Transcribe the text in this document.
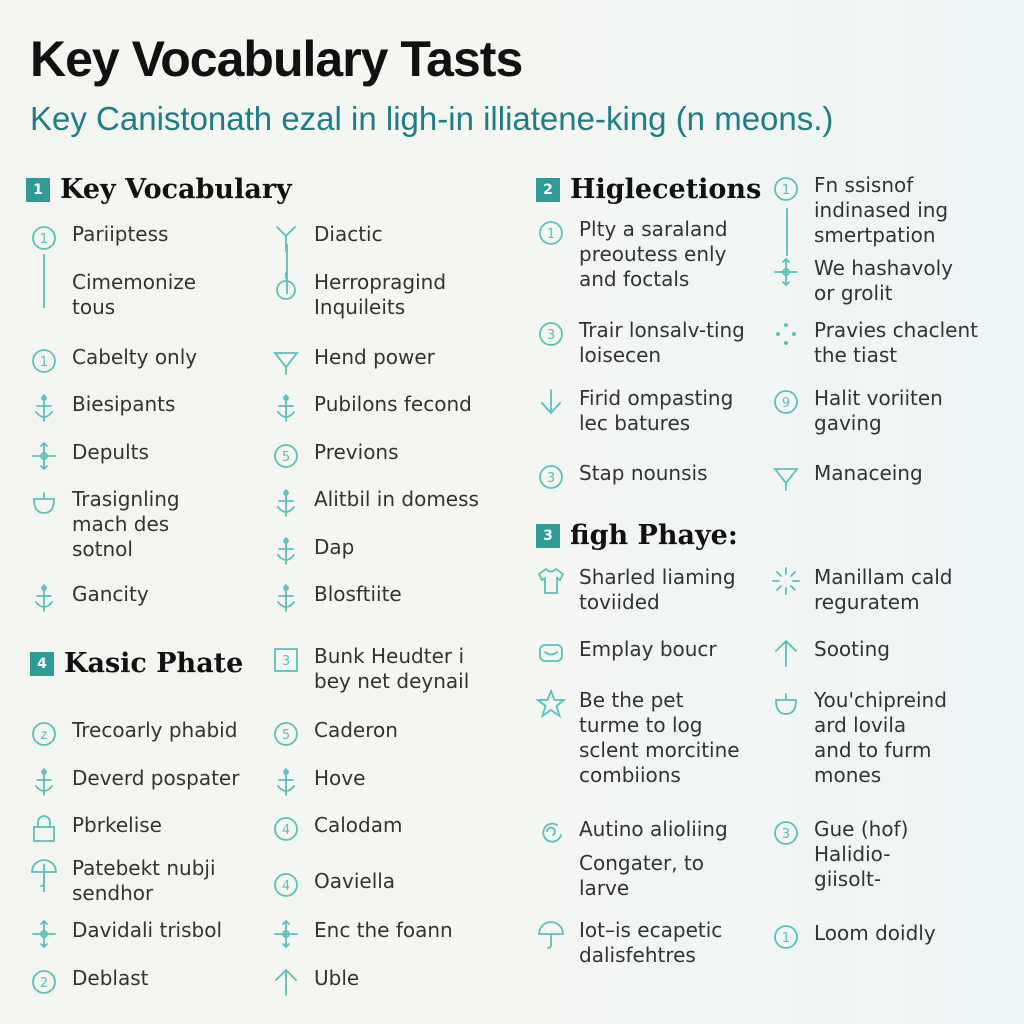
Key Vocabulary Tasts
Key Canistonath ezal in ligh-in illiatene-king (n meons.)
1 Key Vocabulary	2 Higlecetions
3 figh Phaye:
4 Kasic Phate
1 Pariiptess
Cimemonize
tous
1 Cabelty only
Biesipants
Depults
Trasignling
mach des
sotnol
Gancity
Diactic
Herropragind
Inquileits
Hend power
Pubilons fecond
5 Previons
Alitbil in domess
Dap
Blosftiite
3 Bunk Heudter i
bey net deynail
z Trecoarly phabid
Deverd pospater
Pbrkelise
Patebekt nubji
sendhor
Davidali trisbol
2 Deblast
5 Caderon
Hove
4 Calodam
4 Oaviella
Enc the foann
Uble
1 Plty a saraland
preoutess enly
and foctals
3 Trair lonsalv-ting
loisecen
Firid ompasting
lec batures
3 Stap nounsis
1 Fn ssisnof
indinased ing
smertpation
We hashavoly
or grolit
Pravies chaclent
the tiast
9 Halit voriiten
gaving
Manaceing
Sharled liaming
toviided
Emplay boucr
Be the pet
turme to log
sclent morcitine
combiions
Autino alioliing
Congater, to
larve
Iot–is ecapetic
dalisfehtres
Manillam cald
reguratem
Sooting
You'chipreind
ard lovila
and to furm
mones
3 Gue (hof)
Halidio-
giisolt-
1 Loom doidly
